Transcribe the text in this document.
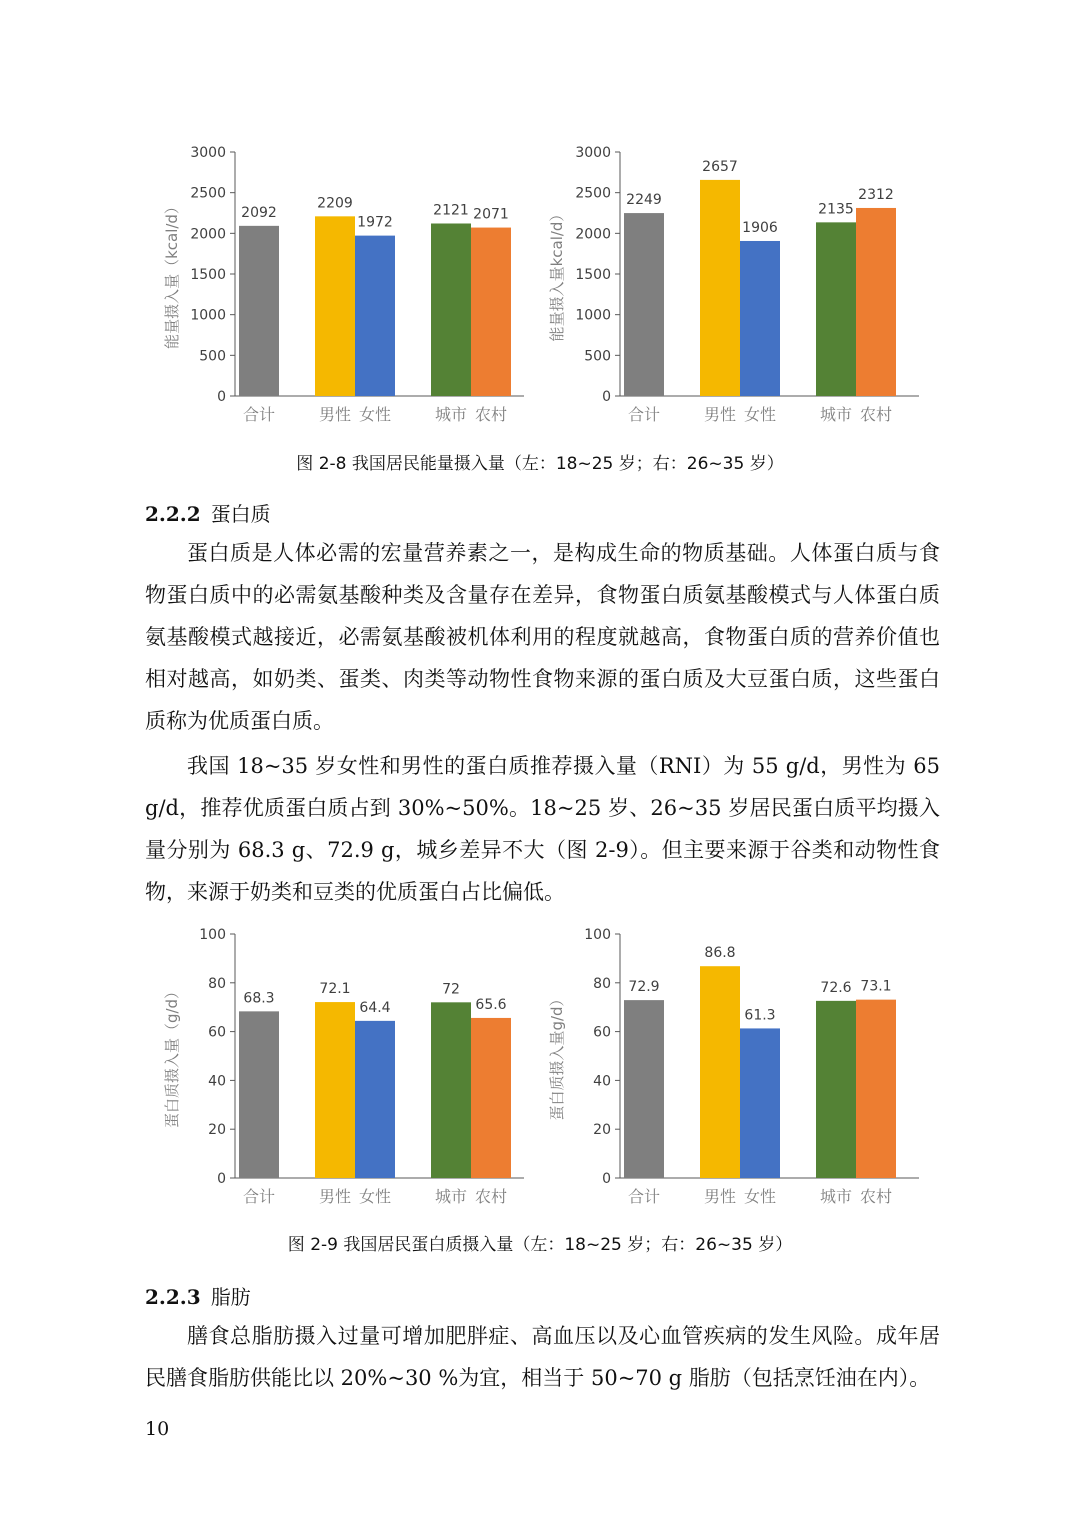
0
500
1000
1500
2000
2500
3000
能量摄入量（kcal/d）	2092
2209
1972
2121 2071
合计	男性 女性	城市 农村
0
500
1000
1500
2000
2500
3000
能量摄入量kcal/d）
2249
2657
1906
2135
2312
合计	男性 女性	城市 农村
图 2-8 我国居民能量摄入量（左：18~25 岁；右：26~35 岁）
2.2.2 蛋白质

蛋白质是人体必需的宏量营养素之一，是构成生命的物质基础。人体蛋白质与食物蛋白质中的必需氨基酸种类及含量存在差异，食物蛋白质氨基酸模式与人体蛋白质氨基酸模式越接近，必需氨基酸被机体利用的程度就越高，食物蛋白质的营养价值也相对越高，如奶类、蛋类、肉类等动物性食物来源的蛋白质及大豆蛋白质，这些蛋白质称为优质蛋白质。

我国 18~35 岁女性和男性的蛋白质推荐摄入量（RNI）为 55 g/d，男性为 65 g/d，推荐优质蛋白质占到 30%~50%。18~25 岁、26~35 岁居民蛋白质平均摄入量分别为 68.3 g、72.9 g，城乡差异不大（图 2-9）。但主要来源于谷类和动物性食物，来源于奶类和豆类的优质蛋白占比偏低。

0
20
40
60
80
100
蛋白质摄入量（g/d）	68.3
72.1
64.4
72
65.6
合计	男性 女性	城市 农村
0
20
40
60
80
100
蛋白质摄入量g/d）
72.9
86.8
61.3
72.6 73.1
合计	男性 女性	城市 农村
图 2-9 我国居民蛋白质摄入量（左：18~25 岁；右：26~35 岁）
2.2.3 脂肪

膳食总脂肪摄入过量可增加肥胖症、高血压以及心血管疾病的发生风险。成年居民膳食脂肪供能比以 20%~30 %为宜，相当于 50~70 g 脂肪（包括烹饪油在内）。

10
